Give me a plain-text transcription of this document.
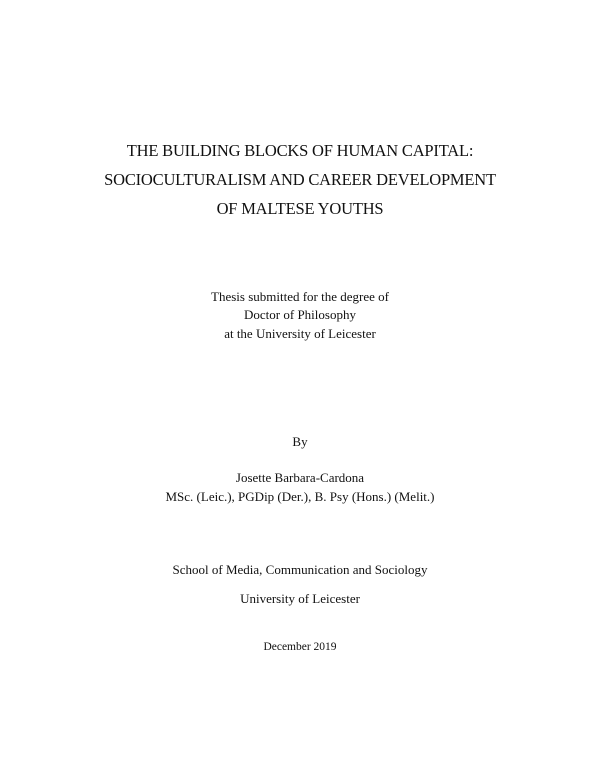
THE BUILDING BLOCKS OF HUMAN CAPITAL:
SOCIOCULTURALISM AND CAREER DEVELOPMENT
OF MALTESE YOUTHS
Thesis submitted for the degree of
Doctor of Philosophy
at the University of Leicester
By
Josette Barbara-Cardona
MSc. (Leic.), PGDip (Der.), B. Psy (Hons.) (Melit.)
School of Media, Communication and Sociology
University of Leicester
December 2019
